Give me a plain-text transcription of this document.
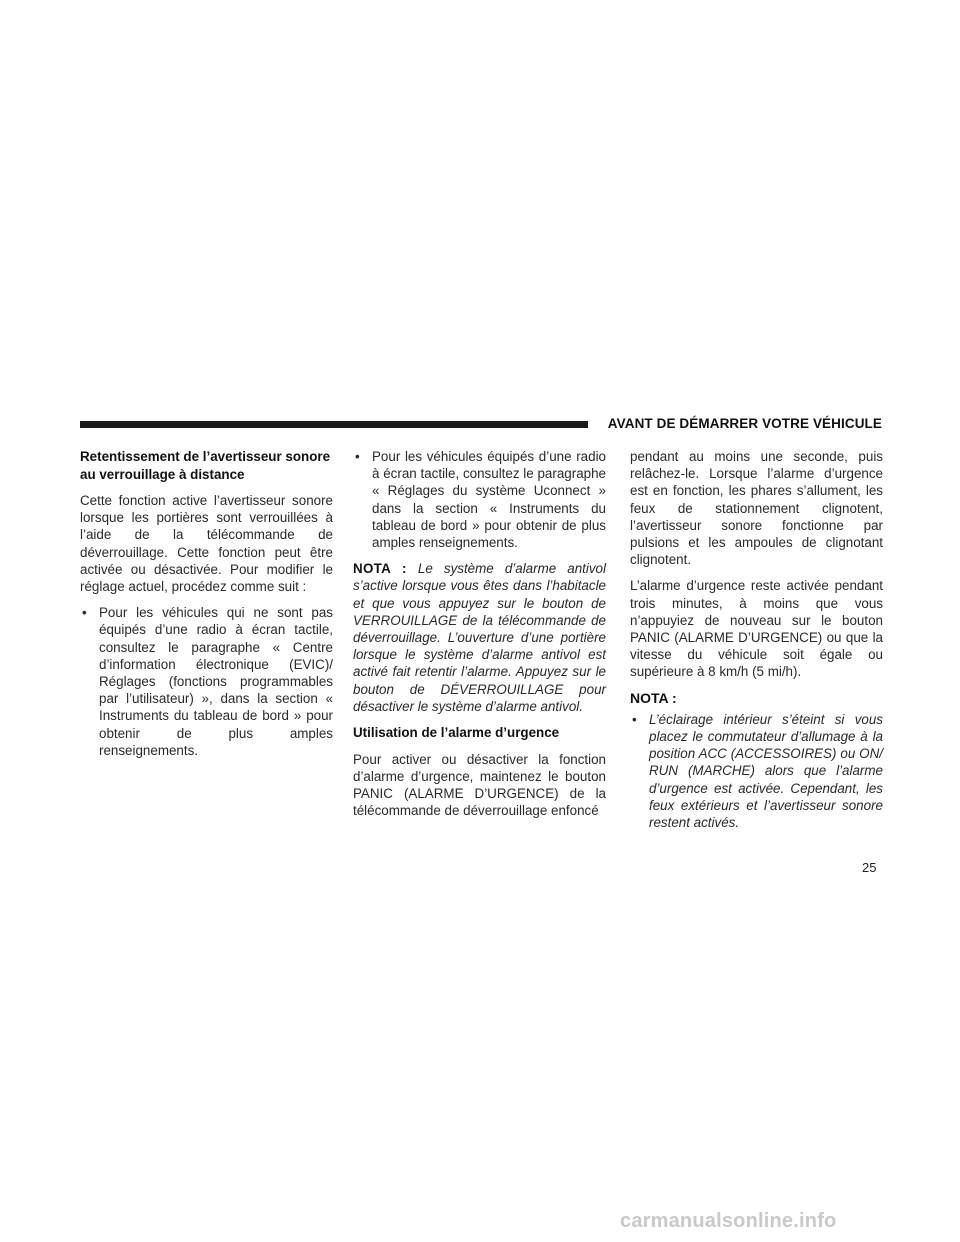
AVANT DE DÉMARRER VOTRE VÉHICULE
Retentissement de l’avertisseur sonore au verrouillage à distance

Cette fonction active l’avertisseur sonore lorsque les portières sont verrouillées à l’aide de la télécommande de déverrouillage. Cette fonction peut être activée ou désactivée. Pour modifier le réglage actuel, procédez comme suit :

• Pour les véhicules qui ne sont pas équipés d’une radio à écran tactile, consultez le paragraphe « Centre d’information électronique (EVIC)/ Réglages (fonctions programmables par l’utilisateur) », dans la section « Instruments du tableau de bord » pour obtenir de plus amples renseignements.
• Pour les véhicules équipés d’une radio à écran tactile, consultez le paragraphe « Réglages du système Uconnect » dans la section « Instruments du tableau de bord » pour obtenir de plus amples renseignements.

NOTA : Le système d’alarme antivol s’active lorsque vous êtes dans l’habitacle et que vous appuyez sur le bouton de VERROUILLAGE de la télécommande de déverrouillage. L’ouverture d’une portière lorsque le système d’alarme antivol est activé fait retentir l’alarme. Appuyez sur le bouton de DÉVERROUILLAGE pour désactiver le système d’alarme antivol.

Utilisation de l’alarme d’urgence

Pour activer ou désactiver la fonction d’alarme d’urgence, maintenez le bouton PANIC (ALARME D’URGENCE) de la télécommande de déverrouillage enfoncé

pendant au moins une seconde, puis relâchez-le. Lorsque l’alarme d’urgence est en fonction, les phares s’allument, les feux de stationnement clignotent, l’avertisseur sonore fonctionne par pulsions et les ampoules de clignotant clignotent.

L’alarme d’urgence reste activée pendant trois minutes, à moins que vous n’appuyiez de nouveau sur le bouton PANIC (ALARME D’URGENCE) ou que la vitesse du véhicule soit égale ou supérieure à 8 km/h (5 mi/h).

NOTA :
• L’éclairage intérieur s’éteint si vous placez le commutateur d’allumage à la position ACC (ACCESSOIRES) ou ON/ RUN (MARCHE) alors que l’alarme d’urgence est activée. Cependant, les feux extérieurs et l’avertisseur sonore restent activés.
25
carmanualsonline.info
